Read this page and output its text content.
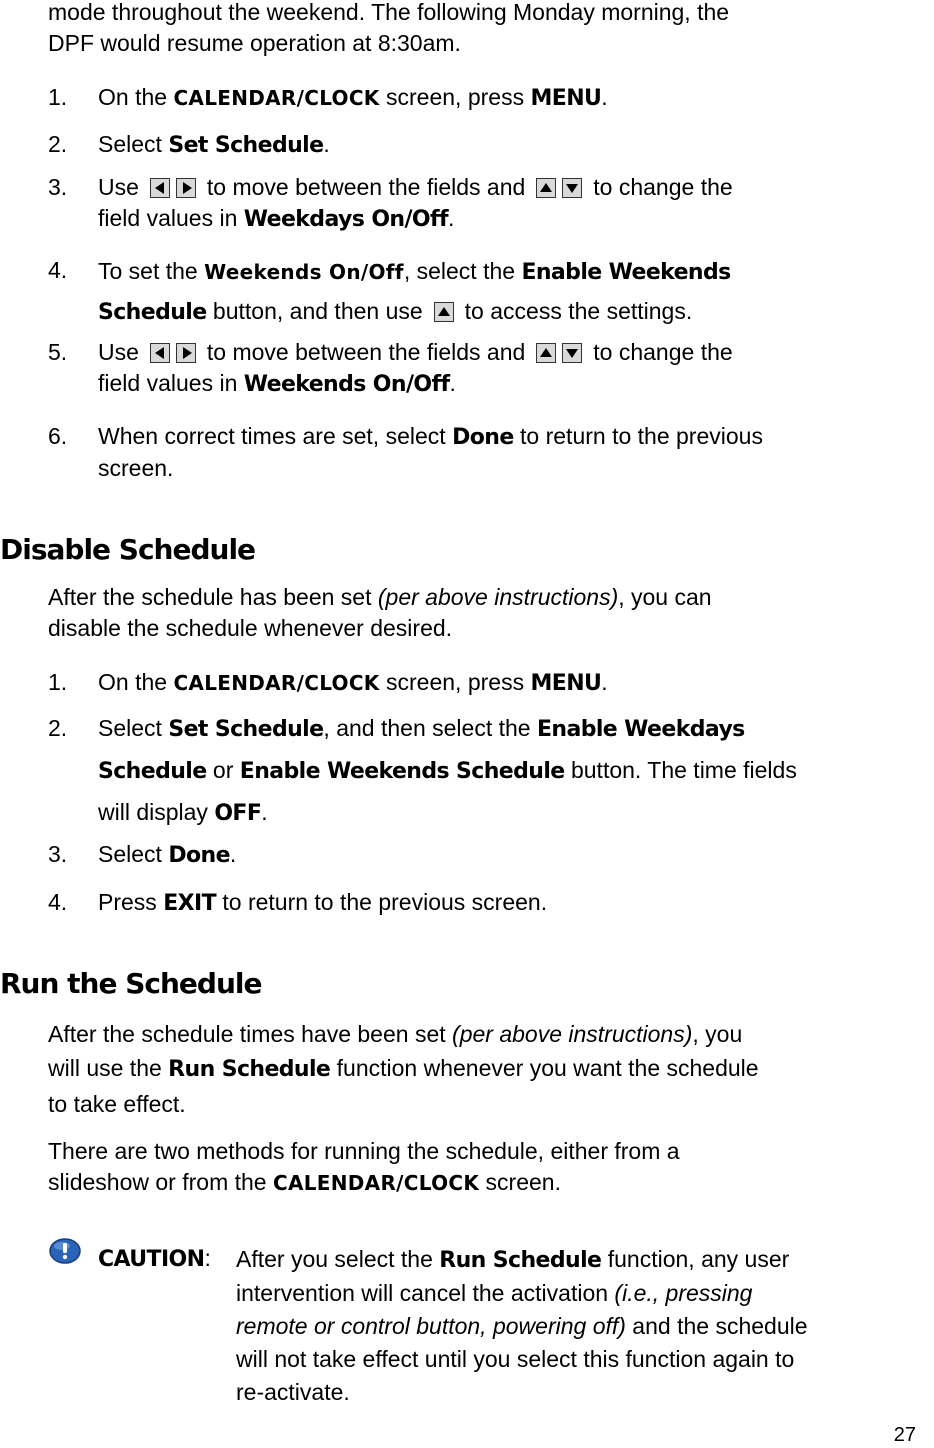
mode throughout the weekend. The following Monday morning, the
DPF would resume operation at 8:30am.

1.	On the CALENDAR/CLOCK screen, press MENU.
2.	Select Set Schedule.
3.	Use	to move between the fields and	to change the
field values in Weekdays On/Off.
4.	To set the Weekends On/Off, select the Enable Weekends
Schedule button, and then use to access the settings.
5.	Use	to move between the fields and	to change the
field values in Weekends On/Off.
6.	When correct times are set, select Done to return to the previous
screen.
Disable Schedule

After the schedule has been set (per above instructions), you can
disable the schedule whenever desired.

1.	On the CALENDAR/CLOCK screen, press MENU.
2.	Select Set Schedule, and then select the Enable Weekdays
Schedule or Enable Weekends Schedule button. The time fields
will display OFF.
3.	Select Done.
4.	Press EXIT to return to the previous screen.
Run the Schedule

After the schedule times have been set (per above instructions), you
will use the Run Schedule function whenever you want the schedule
to take effect.

There are two methods for running the schedule, either from a
slideshow or from the CALENDAR/CLOCK screen.

CAUTION: After you select the Run Schedule function, any user
intervention will cancel the activation (i.e., pressing
remote or control button, powering off) and the schedule
will not take effect until you select this function again to
re-activate.
27
